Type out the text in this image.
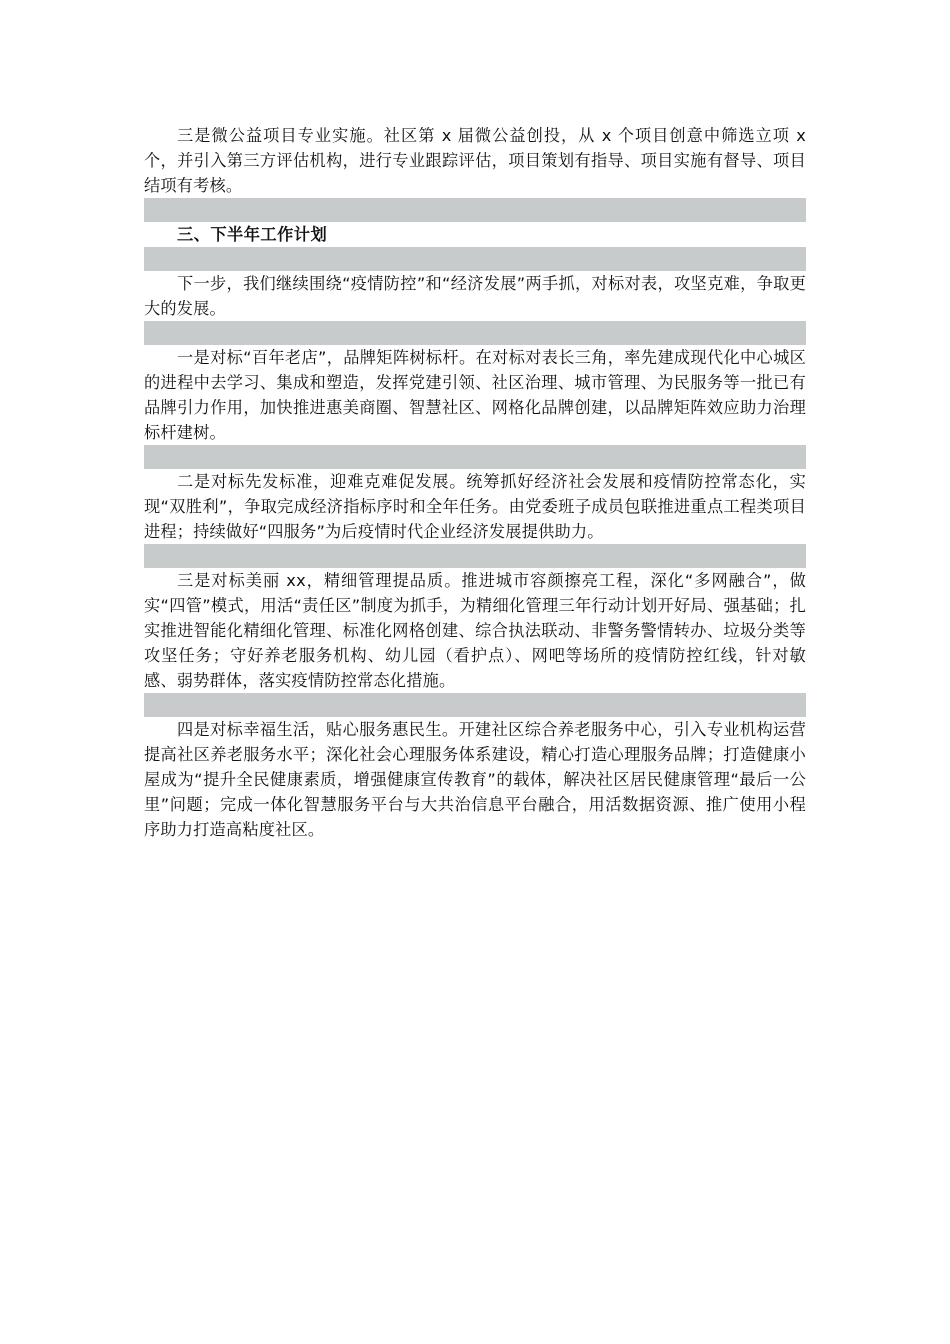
三是微公益项目专业实施。社区第 x 届微公益创投，从 x 个项目创意中筛选立项 x 个，并引入第三方评估机构，进行专业跟踪评估，项目策划有指导、项目实施有督导、项目结项有考核。

三、下半年工作计划

下一步，我们继续围绕“疫情防控”和“经济发展”两手抓，对标对表，攻坚克难，争取更大的发展。

一是对标“百年老店”，品牌矩阵树标杆。在对标对表长三角，率先建成现代化中心城区的进程中去学习、集成和塑造，发挥党建引领、社区治理、城市管理、为民服务等一批已有品牌引力作用，加快推进惠美商圈、智慧社区、网格化品牌创建，以品牌矩阵效应助力治理标杆建树。

二是对标先发标准，迎难克难促发展。统筹抓好经济社会发展和疫情防控常态化，实现“双胜利”，争取完成经济指标序时和全年任务。由党委班子成员包联推进重点工程类项目进程；持续做好“四服务”为后疫情时代企业经济发展提供助力。

三是对标美丽 xx，精细管理提品质。推进城市容颜擦亮工程，深化“多网融合”，做实“四管”模式，用活“责任区”制度为抓手，为精细化管理三年行动计划开好局、强基础；扎实推进智能化精细化管理、标准化网格创建、综合执法联动、非警务警情转办、垃圾分类等攻坚任务；守好养老服务机构、幼儿园（看护点）、网吧等场所的疫情防控红线，针对敏感、弱势群体，落实疫情防控常态化措施。

四是对标幸福生活，贴心服务惠民生。开建社区综合养老服务中心，引入专业机构运营提高社区养老服务水平；深化社会心理服务体系建设，精心打造心理服务品牌；打造健康小屋成为“提升全民健康素质，增强健康宣传教育”的载体，解决社区居民健康管理“最后一公里”问题；完成一体化智慧服务平台与大共治信息平台融合，用活数据资源、推广使用小程序助力打造高粘度社区。
